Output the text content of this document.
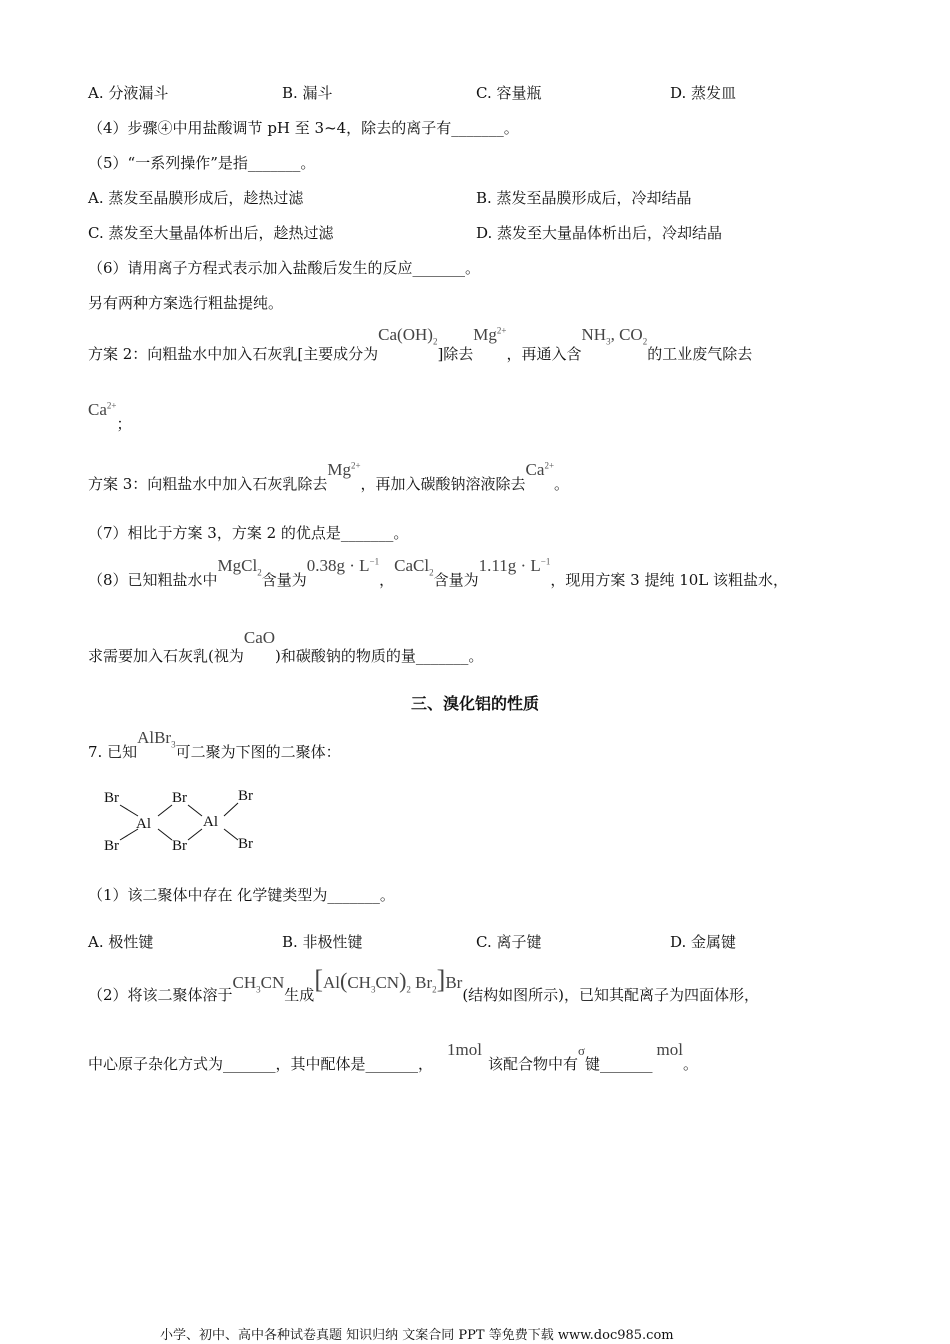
A. 分液漏斗	B. 漏斗	C. 容量瓶	D. 蒸发皿
（4）步骤④中用盐酸调节 pH 至 3~4，除去的离子有_______。
（5）“一系列操作”是指_______。
A. 蒸发至晶膜形成后，趁热过滤	B. 蒸发至晶膜形成后，冷却结晶
C. 蒸发至大量晶体析出后，趁热过滤	D. 蒸发至大量晶体析出后，冷却结晶
（6）请用离子方程式表示加入盐酸后发生的反应_______。
另有两种方案选行粗盐提纯。
方案 2：向粗盐水中加入石灰乳[主要成分为$Ca(OH)_2$]除去$Mg^{2+}$，再通入含$NH_3$, $CO_2$的工业废气除去
$Ca^{2+}$；
方案 3：向粗盐水中加入石灰乳除去$Mg^{2+}$，再加入碳酸钠溶液除去$Ca^{2+}$。
（7）相比于方案 3，方案 2 的优点是_______。
（8）已知粗盐水中MgCl$_2$含量为$0.38g \cdot L^{-1}$，CaCl$_2$含量为$1.11g \cdot L^{-1}$，现用方案 3 提纯 10L 该粗盐水，
求需要加入石灰乳(视为CaO)和碳酸钠的物质的量_______。
三、溴化铝的性质
7. 已知AlBr$_3$可二聚为下图的二聚体：
Br
Br
Br
Br
Br
Br
Al	Al
（1）该二聚体中存在 化学键类型为_______。
A. 极性键	B. 非极性键	C. 离子键	D. 金属键
（2）将该二聚体溶于$CH_3CN$生成[$Al(CH_3CN)_2$ $Br_2]Br$(结构如图所示)，已知其配离子为四面体形，
中心原子杂化方式为_______，其中配体是_______，1mol该配合物中有σ键_______mol。
小学、初中、高中各种试卷真题 知识归纳 文案合同 PPT 等免费下载 www.doc985.com
